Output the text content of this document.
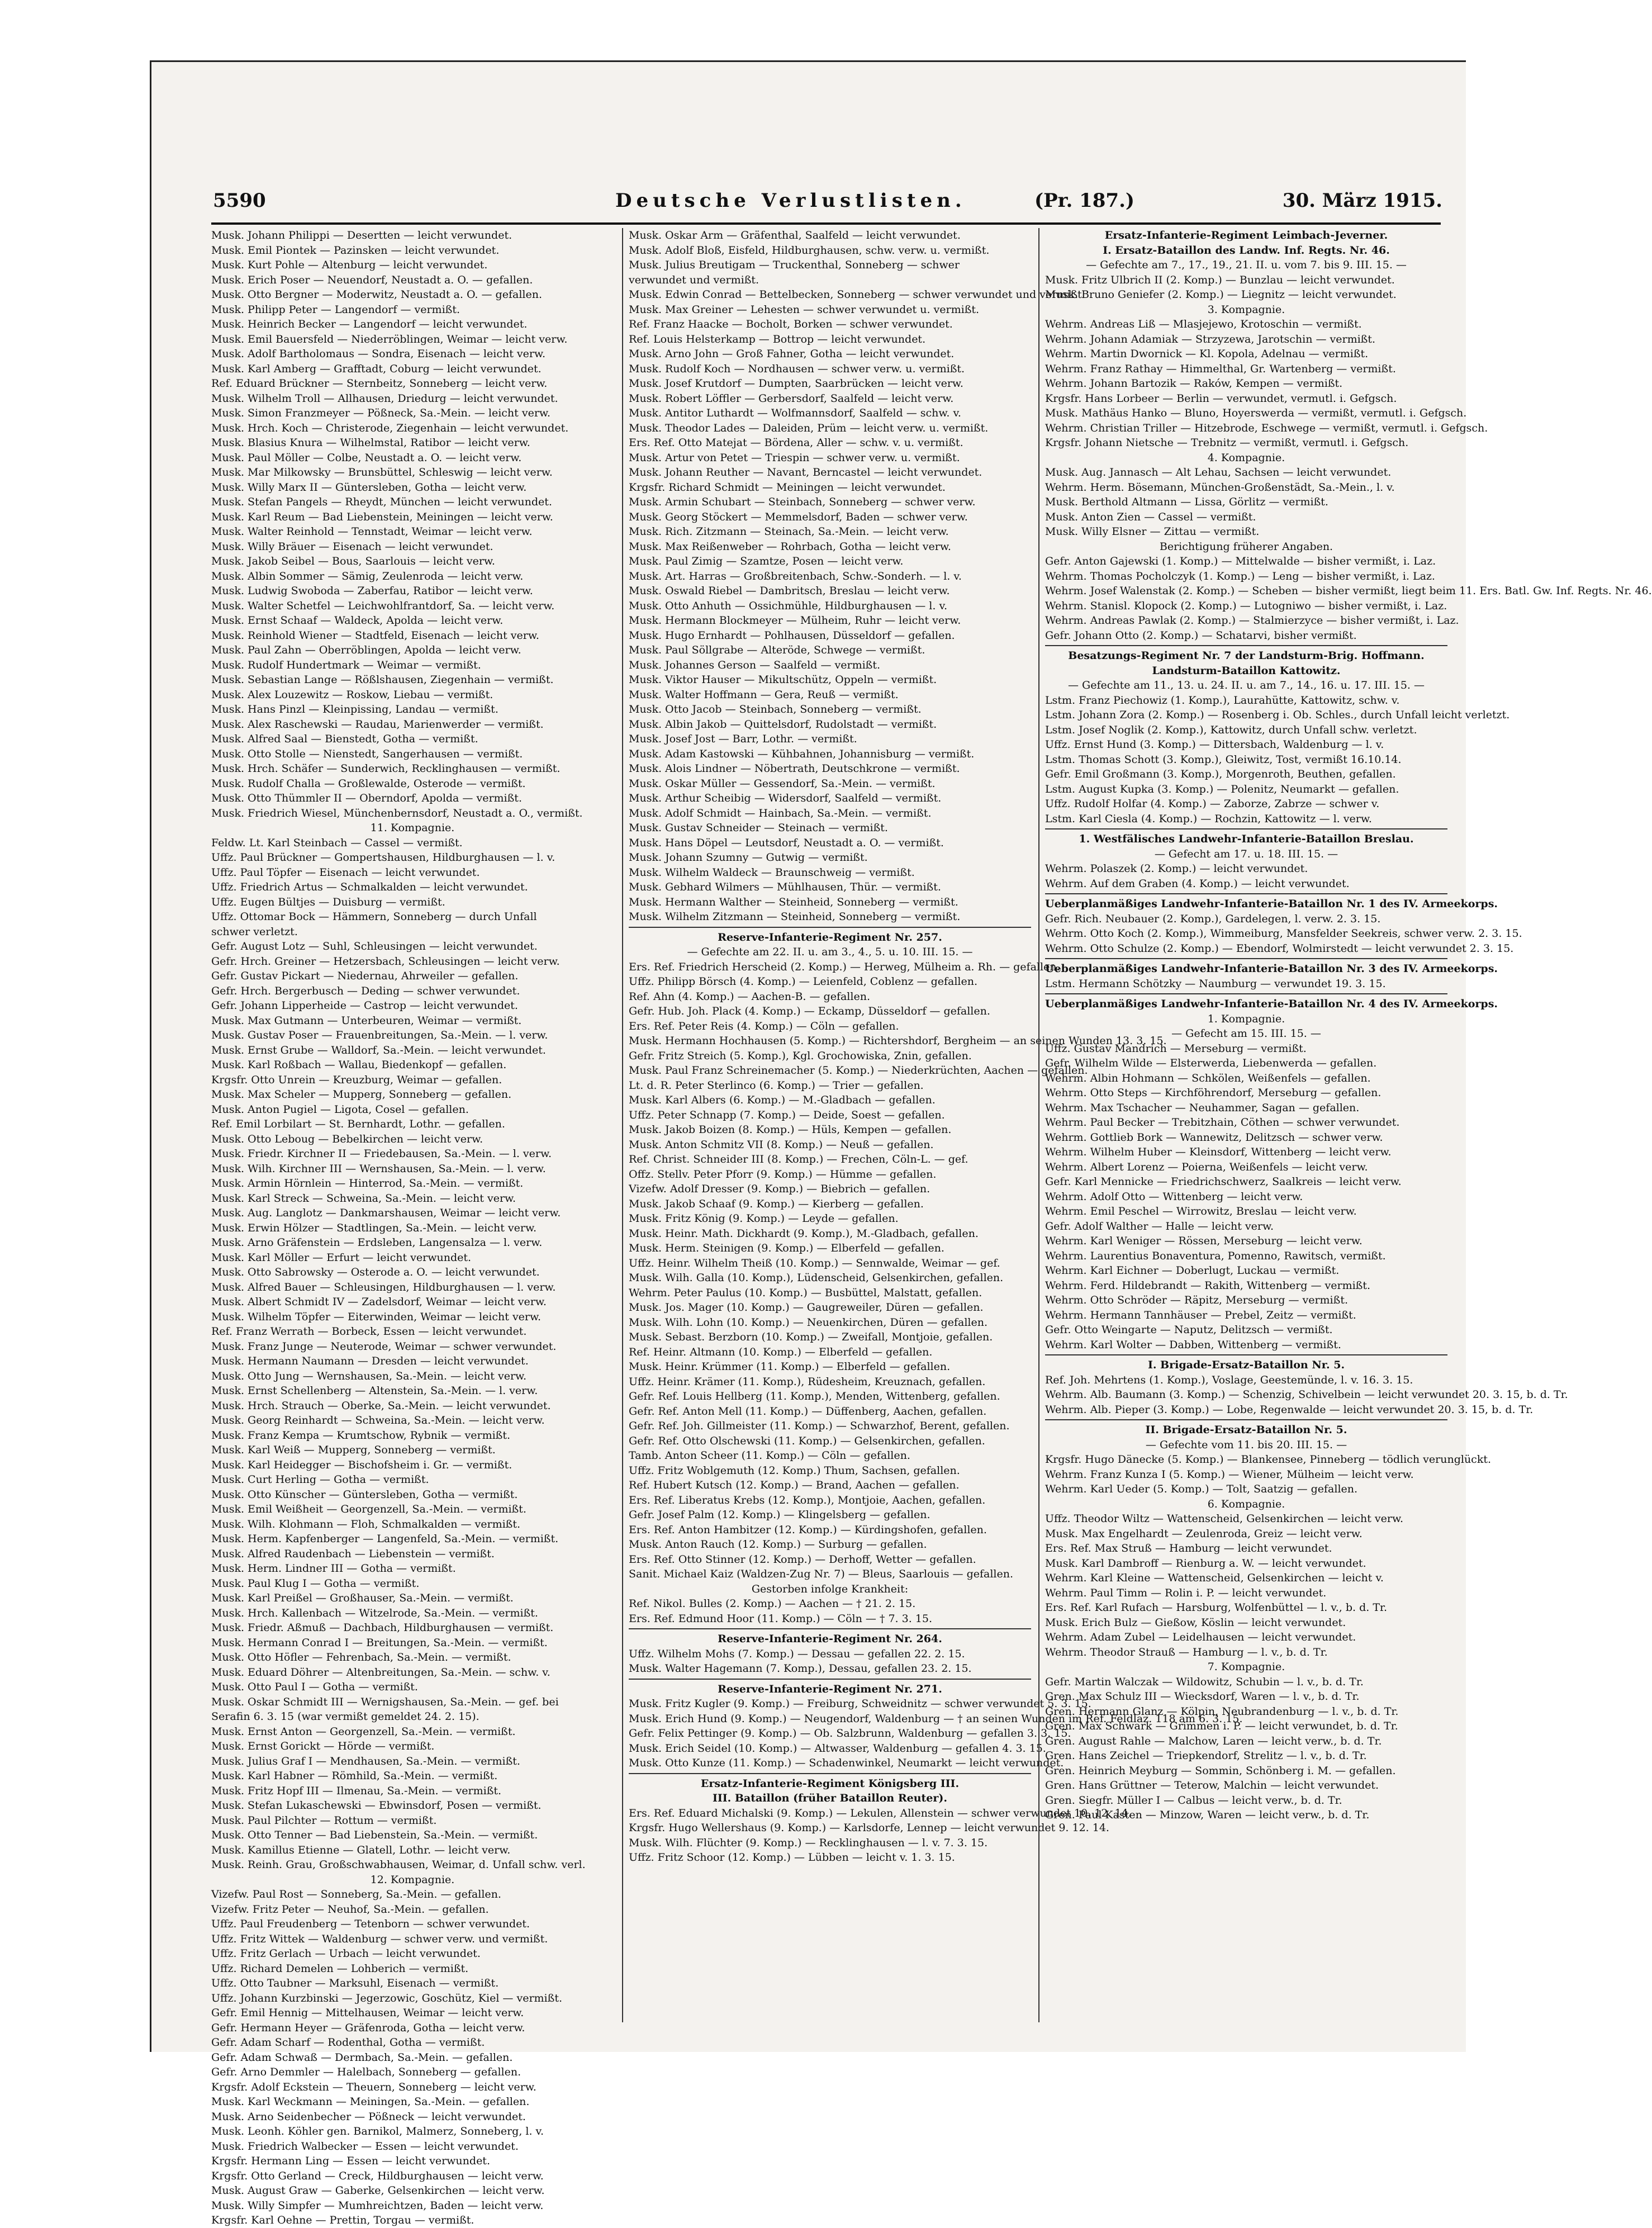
5590	Deutsche Verlustlisten.	(Pr. 187.)	30. März 1915.
Musk. Johann Philippi — Desertten — leicht verwundet.
Musk. Emil Piontek — Pazinsken — leicht verwundet.
Musk. Kurt Pohle — Altenburg — leicht verwundet.
Musk. Erich Poser — Neuendorf, Neustadt a. O. — gefallen.
Musk. Otto Bergner — Moderwitz, Neustadt a. O. — gefallen.
Musk. Philipp Peter — Langendorf — vermißt.
Musk. Heinrich Becker — Langendorf — leicht verwundet.
Musk. Emil Bauersfeld — Niederröblingen, Weimar — leicht verw.
Musk. Adolf Bartholomaus — Sondra, Eisenach — leicht verw.
Musk. Karl Amberg — Grafftadt, Coburg — leicht verwundet.
Ref. Eduard Brückner — Sternbeitz, Sonneberg — leicht verw.
Musk. Wilhelm Troll — Allhausen, Driedurg — leicht verwundet.
Musk. Simon Franzmeyer — Pößneck, Sa.-Mein. — leicht verw.
Musk. Hrch. Koch — Christerode, Ziegenhain — leicht verwundet.
Musk. Blasius Knura — Wilhelmstal, Ratibor — leicht verw.
Musk. Paul Möller — Colbe, Neustadt a. O. — leicht verw.
Musk. Mar Milkowsky — Brunsbüttel, Schleswig — leicht verw.
Musk. Willy Marx II — Güntersleben, Gotha — leicht verw.
Musk. Stefan Pangels — Rheydt, München — leicht verwundet.
Musk. Karl Reum — Bad Liebenstein, Meiningen — leicht verw.
Musk. Walter Reinhold — Tennstadt, Weimar — leicht verw.
Musk. Willy Bräuer — Eisenach — leicht verwundet.
Musk. Jakob Seibel — Bous, Saarlouis — leicht verw.
Musk. Albin Sommer — Sämig, Zeulenroda — leicht verw.
Musk. Ludwig Swoboda — Zaberfau, Ratibor — leicht verw.
Musk. Walter Schetfel — Leichwohlfrantdorf, Sa. — leicht verw.
Musk. Ernst Schaaf — Waldeck, Apolda — leicht verw.
Musk. Reinhold Wiener — Stadtfeld, Eisenach — leicht verw.
Musk. Paul Zahn — Oberröblingen, Apolda — leicht verw.
Musk. Rudolf Hundertmark — Weimar — vermißt.
Musk. Sebastian Lange — Rößlshausen, Ziegenhain — vermißt.
Musk. Alex Louzewitz — Roskow, Liebau — vermißt.
Musk. Hans Pinzl — Kleinpissing, Landau — vermißt.
Musk. Alex Raschewski — Raudau, Marienwerder — vermißt.
Musk. Alfred Saal — Bienstedt, Gotha — vermißt.
Musk. Otto Stolle — Nienstedt, Sangerhausen — vermißt.
Musk. Hrch. Schäfer — Sunderwich, Recklinghausen — vermißt.
Musk. Rudolf Challa — Großlewalde, Osterode — vermißt.
Musk. Otto Thümmler II — Oberndorf, Apolda — vermißt.
Musk. Friedrich Wiesel, Münchenbernsdorf, Neustadt a. O., vermißt.
11. Kompagnie.
Feldw. Lt. Karl Steinbach — Cassel — vermißt.
Uffz. Paul Brückner — Gompertshausen, Hildburghausen — l. v.
Uffz. Paul Töpfer — Eisenach — leicht verwundet.
Uffz. Friedrich Artus — Schmalkalden — leicht verwundet.
Uffz. Eugen Bültjes — Duisburg — vermißt.
Uffz. Ottomar Bock — Hämmern, Sonneberg — durch Unfall
schwer verletzt.
Gefr. August Lotz — Suhl, Schleusingen — leicht verwundet.
Gefr. Hrch. Greiner — Hetzersbach, Schleusingen — leicht verw.
Gefr. Gustav Pickart — Niedernau, Ahrweiler — gefallen.
Gefr. Hrch. Bergerbusch — Deding — schwer verwundet.
Gefr. Johann Lipperheide — Castrop — leicht verwundet.
Musk. Max Gutmann — Unterbeuren, Weimar — vermißt.
Musk. Gustav Poser — Frauenbreitungen, Sa.-Mein. — l. verw.
Musk. Ernst Grube — Walldorf, Sa.-Mein. — leicht verwundet.
Musk. Karl Roßbach — Wallau, Biedenkopf — gefallen.
Krgsfr. Otto Unrein — Kreuzburg, Weimar — gefallen.
Musk. Max Scheler — Mupperg, Sonneberg — gefallen.
Musk. Anton Pugiel — Ligota, Cosel — gefallen.
Ref. Emil Lorbilart — St. Bernhardt, Lothr. — gefallen.
Musk. Otto Leboug — Bebelkirchen — leicht verw.
Musk. Friedr. Kirchner II — Friedebausen, Sa.-Mein. — l. verw.
Musk. Wilh. Kirchner III — Wernshausen, Sa.-Mein. — l. verw.
Musk. Armin Hörnlein — Hinterrod, Sa.-Mein. — vermißt.
Musk. Karl Streck — Schweina, Sa.-Mein. — leicht verw.
Musk. Aug. Langlotz — Dankmarshausen, Weimar — leicht verw.
Musk. Erwin Hölzer — Stadtlingen, Sa.-Mein. — leicht verw.
Musk. Arno Gräfenstein — Erdsleben, Langensalza — l. verw.
Musk. Karl Möller — Erfurt — leicht verwundet.
Musk. Otto Sabrowsky — Osterode a. O. — leicht verwundet.
Musk. Alfred Bauer — Schleusingen, Hildburghausen — l. verw.
Musk. Albert Schmidt IV — Zadelsdorf, Weimar — leicht verw.
Musk. Wilhelm Töpfer — Eiterwinden, Weimar — leicht verw.
Ref. Franz Werrath — Borbeck, Essen — leicht verwundet.
Musk. Franz Junge — Neuterode, Weimar — schwer verwundet.
Musk. Hermann Naumann — Dresden — leicht verwundet.
Musk. Otto Jung — Wernshausen, Sa.-Mein. — leicht verw.
Musk. Ernst Schellenberg — Altenstein, Sa.-Mein. — l. verw.
Musk. Hrch. Strauch — Oberke, Sa.-Mein. — leicht verwundet.
Musk. Georg Reinhardt — Schweina, Sa.-Mein. — leicht verw.
Musk. Franz Kempa — Krumtschow, Rybnik — vermißt.
Musk. Karl Weiß — Mupperg, Sonneberg — vermißt.
Musk. Karl Heidegger — Bischofsheim i. Gr. — vermißt.
Musk. Curt Herling — Gotha — vermißt.
Musk. Otto Künscher — Güntersleben, Gotha — vermißt.
Musk. Emil Weißheit — Georgenzell, Sa.-Mein. — vermißt.
Musk. Wilh. Klohmann — Floh, Schmalkalden — vermißt.
Musk. Herm. Kapfenberger — Langenfeld, Sa.-Mein. — vermißt.
Musk. Alfred Raudenbach — Liebenstein — vermißt.
Musk. Herm. Lindner III — Gotha — vermißt.
Musk. Paul Klug I — Gotha — vermißt.
Musk. Karl Preißel — Großhauser, Sa.-Mein. — vermißt.
Musk. Hrch. Kallenbach — Witzelrode, Sa.-Mein. — vermißt.
Musk. Friedr. Aßmuß — Dachbach, Hildburghausen — vermißt.
Musk. Hermann Conrad I — Breitungen, Sa.-Mein. — vermißt.
Musk. Otto Höfler — Fehrenbach, Sa.-Mein. — vermißt.
Musk. Eduard Döhrer — Altenbreitungen, Sa.-Mein. — schw. v.
Musk. Otto Paul I — Gotha — vermißt.
Musk. Oskar Schmidt III — Wernigshausen, Sa.-Mein. — gef. bei
Serafin 6. 3. 15 (war vermißt gemeldet 24. 2. 15).
Musk. Ernst Anton — Georgenzell, Sa.-Mein. — vermißt.
Musk. Ernst Gorickt — Hörde — vermißt.
Musk. Julius Graf I — Mendhausen, Sa.-Mein. — vermißt.
Musk. Karl Habner — Römhild, Sa.-Mein. — vermißt.
Musk. Fritz Hopf III — Ilmenau, Sa.-Mein. — vermißt.
Musk. Stefan Lukaschewski — Ebwinsdorf, Posen — vermißt.
Musk. Paul Pilchter — Rottum — vermißt.
Musk. Otto Tenner — Bad Liebenstein, Sa.-Mein. — vermißt.
Musk. Kamillus Etienne — Glatell, Lothr. — leicht verw.
Musk. Reinh. Grau, Großschwabhausen, Weimar, d. Unfall schw. verl.
12. Kompagnie.
Vizefw. Paul Rost — Sonneberg, Sa.-Mein. — gefallen.
Vizefw. Fritz Peter — Neuhof, Sa.-Mein. — gefallen.
Uffz. Paul Freudenberg — Tetenborn — schwer verwundet.
Uffz. Fritz Wittek — Waldenburg — schwer verw. und vermißt.
Uffz. Fritz Gerlach — Urbach — leicht verwundet.
Uffz. Richard Demelen — Lohberich — vermißt.
Uffz. Otto Taubner — Marksuhl, Eisenach — vermißt.
Uffz. Johann Kurzbinski — Jegerzowic, Goschütz, Kiel — vermißt.
Gefr. Emil Hennig — Mittelhausen, Weimar — leicht verw.
Gefr. Hermann Heyer — Gräfenroda, Gotha — leicht verw.
Gefr. Adam Scharf — Rodenthal, Gotha — vermißt.
Gefr. Adam Schwaß — Dermbach, Sa.-Mein. — gefallen.
Gefr. Arno Demmler — Halelbach, Sonneberg — gefallen.
Krgsfr. Adolf Eckstein — Theuern, Sonneberg — leicht verw.
Musk. Karl Weckmann — Meiningen, Sa.-Mein. — gefallen.
Musk. Arno Seidenbecher — Pößneck — leicht verwundet.
Musk. Leonh. Köhler gen. Barnikol, Malmerz, Sonneberg, l. v.
Musk. Friedrich Walbecker — Essen — leicht verwundet.
Krgsfr. Hermann Ling — Essen — leicht verwundet.
Krgsfr. Otto Gerland — Creck, Hildburghausen — leicht verw.
Musk. August Graw — Gaberke, Gelsenkirchen — leicht verw.
Musk. Willy Simpfer — Mumhreichtzen, Baden — leicht verw.
Krgsfr. Karl Oehne — Prettin, Torgau — vermißt.
Musk. Oskar Arm — Gräfenthal, Saalfeld — leicht verwundet.
Musk. Adolf Bloß, Eisfeld, Hildburghausen, schw. verw. u. vermißt.
Musk. Julius Breutigam — Truckenthal, Sonneberg — schwer
verwundet und vermißt.
Musk. Edwin Conrad — Bettelbecken, Sonneberg — schwer verwundet und vermißt.
Musk. Max Greiner — Lehesten — schwer verwundet u. vermißt.
Ref. Franz Haacke — Bocholt, Borken — schwer verwundet.
Ref. Louis Helsterkamp — Bottrop — leicht verwundet.
Musk. Arno John — Groß Fahner, Gotha — leicht verwundet.
Musk. Rudolf Koch — Nordhausen — schwer verw. u. vermißt.
Musk. Josef Krutdorf — Dumpten, Saarbrücken — leicht verw.
Musk. Robert Löffler — Gerbersdorf, Saalfeld — leicht verw.
Musk. Antitor Luthardt — Wolfmannsdorf, Saalfeld — schw. v.
Musk. Theodor Lades — Daleiden, Prüm — leicht verw. u. vermißt.
Ers. Ref. Otto Matejat — Bördena, Aller — schw. v. u. vermißt.
Musk. Artur von Petet — Triespin — schwer verw. u. vermißt.
Musk. Johann Reuther — Navant, Berncastel — leicht verwundet.
Krgsfr. Richard Schmidt — Meiningen — leicht verwundet.
Musk. Armin Schubart — Steinbach, Sonneberg — schwer verw.
Musk. Georg Stöckert — Memmelsdorf, Baden — schwer verw.
Musk. Rich. Zitzmann — Steinach, Sa.-Mein. — leicht verw.
Musk. Max Reißenweber — Rohrbach, Gotha — leicht verw.
Musk. Paul Zimig — Szamtze, Posen — leicht verw.
Musk. Art. Harras — Großbreitenbach, Schw.-Sonderh. — l. v.
Musk. Oswald Riebel — Dambritsch, Breslau — leicht verw.
Musk. Otto Anhuth — Ossichmühle, Hildburghausen — l. v.
Musk. Hermann Blockmeyer — Mülheim, Ruhr — leicht verw.
Musk. Hugo Ernhardt — Pohlhausen, Düsseldorf — gefallen.
Musk. Paul Söllgrabe — Alteröde, Schwege — vermißt.
Musk. Johannes Gerson — Saalfeld — vermißt.
Musk. Viktor Hauser — Mikultschütz, Oppeln — vermißt.
Musk. Walter Hoffmann — Gera, Reuß — vermißt.
Musk. Otto Jacob — Steinbach, Sonneberg — vermißt.
Musk. Albin Jakob — Quittelsdorf, Rudolstadt — vermißt.
Musk. Josef Jost — Barr, Lothr. — vermißt.
Musk. Adam Kastowski — Kühbahnen, Johannisburg — vermißt.
Musk. Alois Lindner — Nöbertrath, Deutschkrone — vermißt.
Musk. Oskar Müller — Gessendorf, Sa.-Mein. — vermißt.
Musk. Arthur Scheibig — Widersdorf, Saalfeld — vermißt.
Musk. Adolf Schmidt — Hainbach, Sa.-Mein. — vermißt.
Musk. Gustav Schneider — Steinach — vermißt.
Musk. Hans Döpel — Leutsdorf, Neustadt a. O. — vermißt.
Musk. Johann Szumny — Gutwig — vermißt.
Musk. Wilhelm Waldeck — Braunschweig — vermißt.
Musk. Gebhard Wilmers — Mühlhausen, Thür. — vermißt.
Musk. Hermann Walther — Steinheid, Sonneberg — vermißt.
Musk. Wilhelm Zitzmann — Steinheid, Sonneberg — vermißt.
Reserve-Infanterie-Regiment Nr. 257.
— Gefechte am 22. II. u. am 3., 4., 5. u. 10. III. 15. —
Ers. Ref. Friedrich Herscheid (2. Komp.) — Herweg, Mülheim a. Rh. — gefallen.
Uffz. Philipp Börsch (4. Komp.) — Leienfeld, Coblenz — gefallen.
Ref. Ahn (4. Komp.) — Aachen-B. — gefallen.
Gefr. Hub. Joh. Plack (4. Komp.) — Eckamp, Düsseldorf — gefallen.
Ers. Ref. Peter Reis (4. Komp.) — Cöln — gefallen.
Musk. Hermann Hochhausen (5. Komp.) — Richtershdorf, Bergheim — an seinen Wunden 13. 3. 15.
Gefr. Fritz Streich (5. Komp.), Kgl. Grochowiska, Znin, gefallen.
Musk. Paul Franz Schreinemacher (5. Komp.) — Niederkrüchten, Aachen — gefallen.
Lt. d. R. Peter Sterlinco (6. Komp.) — Trier — gefallen.
Musk. Karl Albers (6. Komp.) — M.-Gladbach — gefallen.
Uffz. Peter Schnapp (7. Komp.) — Deide, Soest — gefallen.
Musk. Jakob Boizen (8. Komp.) — Hüls, Kempen — gefallen.
Musk. Anton Schmitz VII (8. Komp.) — Neuß — gefallen.
Ref. Christ. Schneider III (8. Komp.) — Frechen, Cöln-L. — gef.
Offz. Stellv. Peter Pforr (9. Komp.) — Hümme — gefallen.
Vizefw. Adolf Dresser (9. Komp.) — Biebrich — gefallen.
Musk. Jakob Schaaf (9. Komp.) — Kierberg — gefallen.
Musk. Fritz König (9. Komp.) — Leyde — gefallen.
Musk. Heinr. Math. Dickhardt (9. Komp.), M.-Gladbach, gefallen.
Musk. Herm. Steinigen (9. Komp.) — Elberfeld — gefallen.
Uffz. Heinr. Wilhelm Theiß (10. Komp.) — Sennwalde, Weimar — gef.
Musk. Wilh. Galla (10. Komp.), Lüdenscheid, Gelsenkirchen, gefallen.
Wehrm. Peter Paulus (10. Komp.) — Busbüttel, Malstatt, gefallen.
Musk. Jos. Mager (10. Komp.) — Gaugreweiler, Düren — gefallen.
Musk. Wilh. Lohn (10. Komp.) — Neuenkirchen, Düren — gefallen.
Musk. Sebast. Berzborn (10. Komp.) — Zweifall, Montjoie, gefallen.
Ref. Heinr. Altmann (10. Komp.) — Elberfeld — gefallen.
Musk. Heinr. Krümmer (11. Komp.) — Elberfeld — gefallen.
Uffz. Heinr. Krämer (11. Komp.), Rüdesheim, Kreuznach, gefallen.
Gefr. Ref. Louis Hellberg (11. Komp.), Menden, Wittenberg, gefallen.
Gefr. Ref. Anton Mell (11. Komp.) — Düffenberg, Aachen, gefallen.
Gefr. Ref. Joh. Gillmeister (11. Komp.) — Schwarzhof, Berent, gefallen.
Gefr. Ref. Otto Olschewski (11. Komp.) — Gelsenkirchen, gefallen.
Tamb. Anton Scheer (11. Komp.) — Cöln — gefallen.
Uffz. Fritz Woblgemuth (12. Komp.) Thum, Sachsen, gefallen.
Ref. Hubert Kutsch (12. Komp.) — Brand, Aachen — gefallen.
Ers. Ref. Liberatus Krebs (12. Komp.), Montjoie, Aachen, gefallen.
Gefr. Josef Palm (12. Komp.) — Klingelsberg — gefallen.
Ers. Ref. Anton Hambitzer (12. Komp.) — Kürdingshofen, gefallen.
Musk. Anton Rauch (12. Komp.) — Surburg — gefallen.
Ers. Ref. Otto Stinner (12. Komp.) — Derhoff, Wetter — gefallen.
Sanit. Michael Kaiz (Waldzen-Zug Nr. 7) — Bleus, Saarlouis — gefallen.
Gestorben infolge Krankheit:
Ref. Nikol. Bulles (2. Komp.) — Aachen — † 21. 2. 15.
Ers. Ref. Edmund Hoor (11. Komp.) — Cöln — † 7. 3. 15.
Reserve-Infanterie-Regiment Nr. 264.
Uffz. Wilhelm Mohs (7. Komp.) — Dessau — gefallen 22. 2. 15.
Musk. Walter Hagemann (7. Komp.), Dessau, gefallen 23. 2. 15.
Reserve-Infanterie-Regiment Nr. 271.
Musk. Fritz Kugler (9. Komp.) — Freiburg, Schweidnitz — schwer verwundet 5. 3. 15.
Musk. Erich Hund (9. Komp.) — Neugendorf, Waldenburg — † an seinen Wunden im Ref. Feldlaz. 118 am 6. 3. 15.
Gefr. Felix Pettinger (9. Komp.) — Ob. Salzbrunn, Waldenburg — gefallen 3. 3. 15.
Musk. Erich Seidel (10. Komp.) — Altwasser, Waldenburg — gefallen 4. 3. 15.
Musk. Otto Kunze (11. Komp.) — Schadenwinkel, Neumarkt — leicht verwundet.
Ersatz-Infanterie-Regiment Königsberg III.
III. Bataillon (früher Bataillon Reuter).
Ers. Ref. Eduard Michalski (9. Komp.) — Lekulen, Allenstein — schwer verwundet 10. 12. 14.
Krgsfr. Hugo Wellershaus (9. Komp.) — Karlsdorfe, Lennep — leicht verwundet 9. 12. 14.
Musk. Wilh. Flüchter (9. Komp.) — Recklinghausen — l. v. 7. 3. 15.
Uffz. Fritz Schoor (12. Komp.) — Lübben — leicht v. 1. 3. 15.
Ersatz-Infanterie-Regiment Leimbach-Jeverner.
I. Ersatz-Bataillon des Landw. Inf. Regts. Nr. 46.
— Gefechte am 7., 17., 19., 21. II. u. vom 7. bis 9. III. 15. —
Musk. Fritz Ulbrich II (2. Komp.) — Bunzlau — leicht verwundet.
Musk. Bruno Geniefer (2. Komp.) — Liegnitz — leicht verwundet.
3. Kompagnie.
Wehrm. Andreas Liß — Mlasjejewo, Krotoschin — vermißt.
Wehrm. Johann Adamiak — Strzyzewa, Jarotschin — vermißt.
Wehrm. Martin Dwornick — Kl. Kopola, Adelnau — vermißt.
Wehrm. Franz Rathay — Himmelthal, Gr. Wartenberg — vermißt.
Wehrm. Johann Bartozik — Raków, Kempen — vermißt.
Krgsfr. Hans Lorbeer — Berlin — verwundet, vermutl. i. Gefgsch.
Musk. Mathäus Hanko — Bluno, Hoyerswerda — vermißt, vermutl. i. Gefgsch.
Wehrm. Christian Triller — Hitzebrode, Eschwege — vermißt, vermutl. i. Gefgsch.
Krgsfr. Johann Nietsche — Trebnitz — vermißt, vermutl. i. Gefgsch.
4. Kompagnie.
Musk. Aug. Jannasch — Alt Lehau, Sachsen — leicht verwundet.
Wehrm. Herm. Bösemann, München-Großenstädt, Sa.-Mein., l. v.
Musk. Berthold Altmann — Lissa, Görlitz — vermißt.
Musk. Anton Zien — Cassel — vermißt.
Musk. Willy Elsner — Zittau — vermißt.
Berichtigung früherer Angaben.
Gefr. Anton Gajewski (1. Komp.) — Mittelwalde — bisher vermißt, i. Laz.
Wehrm. Thomas Pocholczyk (1. Komp.) — Leng — bisher vermißt, i. Laz.
Wehrm. Josef Walenstak (2. Komp.) — Scheben — bisher vermißt, liegt beim 11. Ers. Batl. Gw. Inf. Regts. Nr. 46.
Wehrm. Stanisl. Klopock (2. Komp.) — Lutogniwo — bisher vermißt, i. Laz.
Wehrm. Andreas Pawlak (2. Komp.) — Stalmierzyce — bisher vermißt, i. Laz.
Gefr. Johann Otto (2. Komp.) — Schatarvi, bisher vermißt.
Besatzungs-Regiment Nr. 7 der Landsturm-Brig. Hoffmann.
Landsturm-Bataillon Kattowitz.
— Gefechte am 11., 13. u. 24. II. u. am 7., 14., 16. u. 17. III. 15. —
Lstm. Franz Piechowiz (1. Komp.), Laurahütte, Kattowitz, schw. v.
Lstm. Johann Zora (2. Komp.) — Rosenberg i. Ob. Schles., durch Unfall leicht verletzt.
Lstm. Josef Noglik (2. Komp.), Kattowitz, durch Unfall schw. verletzt.
Uffz. Ernst Hund (3. Komp.) — Dittersbach, Waldenburg — l. v.
Lstm. Thomas Schott (3. Komp.), Gleiwitz, Tost, vermißt 16.10.14.
Gefr. Emil Großmann (3. Komp.), Morgenroth, Beuthen, gefallen.
Lstm. August Kupka (3. Komp.) — Polenitz, Neumarkt — gefallen.
Uffz. Rudolf Holfar (4. Komp.) — Zaborze, Zabrze — schwer v.
Lstm. Karl Ciesla (4. Komp.) — Rochzin, Kattowitz — l. verw.
1. Westfälisches Landwehr-Infanterie-Bataillon Breslau.
— Gefecht am 17. u. 18. III. 15. —
Wehrm. Polaszek (2. Komp.) — leicht verwundet.
Wehrm. Auf dem Graben (4. Komp.) — leicht verwundet.
Ueberplanmäßiges Landwehr-Infanterie-Bataillon Nr. 1 des IV. Armeekorps.
Gefr. Rich. Neubauer (2. Komp.), Gardelegen, l. verw. 2. 3. 15.
Wehrm. Otto Koch (2. Komp.), Wimmeiburg, Mansfelder Seekreis, schwer verw. 2. 3. 15.
Wehrm. Otto Schulze (2. Komp.) — Ebendorf, Wolmirstedt — leicht verwundet 2. 3. 15.
Ueberplanmäßiges Landwehr-Infanterie-Bataillon Nr. 3 des IV. Armeekorps.
Lstm. Hermann Schötzky — Naumburg — verwundet 19. 3. 15.
Ueberplanmäßiges Landwehr-Infanterie-Bataillon Nr. 4 des IV. Armeekorps.
1. Kompagnie.
— Gefecht am 15. III. 15. —
Uffz. Gustav Mandrich — Merseburg — vermißt.
Gefr. Wilhelm Wilde — Elsterwerda, Liebenwerda — gefallen.
Wehrm. Albin Hohmann — Schkölen, Weißenfels — gefallen.
Wehrm. Otto Steps — Kirchföhrendorf, Merseburg — gefallen.
Wehrm. Max Tschacher — Neuhammer, Sagan — gefallen.
Wehrm. Paul Becker — Trebitzhain, Cöthen — schwer verwundet.
Wehrm. Gottlieb Bork — Wannewitz, Delitzsch — schwer verw.
Wehrm. Wilhelm Huber — Kleinsdorf, Wittenberg — leicht verw.
Wehrm. Albert Lorenz — Poierna, Weißenfels — leicht verw.
Gefr. Karl Mennicke — Friedrichschwerz, Saalkreis — leicht verw.
Wehrm. Adolf Otto — Wittenberg — leicht verw.
Wehrm. Emil Peschel — Wirrowitz, Breslau — leicht verw.
Gefr. Adolf Walther — Halle — leicht verw.
Wehrm. Karl Weniger — Rössen, Merseburg — leicht verw.
Wehrm. Laurentius Bonaventura, Pomenno, Rawitsch, vermißt.
Wehrm. Karl Eichner — Doberlugt, Luckau — vermißt.
Wehrm. Ferd. Hildebrandt — Rakith, Wittenberg — vermißt.
Wehrm. Otto Schröder — Räpitz, Merseburg — vermißt.
Wehrm. Hermann Tannhäuser — Prebel, Zeitz — vermißt.
Gefr. Otto Weingarte — Naputz, Delitzsch — vermißt.
Wehrm. Karl Wolter — Dabben, Wittenberg — vermißt.
I. Brigade-Ersatz-Bataillon Nr. 5.
Ref. Joh. Mehrtens (1. Komp.), Voslage, Geestemünde, l. v. 16. 3. 15.
Wehrm. Alb. Baumann (3. Komp.) — Schenzig, Schivelbein — leicht verwundet 20. 3. 15, b. d. Tr.
Wehrm. Alb. Pieper (3. Komp.) — Lobe, Regenwalde — leicht verwundet 20. 3. 15, b. d. Tr.
II. Brigade-Ersatz-Bataillon Nr. 5.
— Gefechte vom 11. bis 20. III. 15. —
Krgsfr. Hugo Dänecke (5. Komp.) — Blankensee, Pinneberg — tödlich verunglückt.
Wehrm. Franz Kunza I (5. Komp.) — Wiener, Mülheim — leicht verw.
Wehrm. Karl Ueder (5. Komp.) — Tolt, Saatzig — gefallen.
6. Kompagnie.
Uffz. Theodor Wiltz — Wattenscheid, Gelsenkirchen — leicht verw.
Musk. Max Engelhardt — Zeulenroda, Greiz — leicht verw.
Ers. Ref. Max Struß — Hamburg — leicht verwundet.
Musk. Karl Dambroff — Rienburg a. W. — leicht verwundet.
Wehrm. Karl Kleine — Wattenscheid, Gelsenkirchen — leicht v.
Wehrm. Paul Timm — Rolin i. P. — leicht verwundet.
Ers. Ref. Karl Rufach — Harsburg, Wolfenbüttel — l. v., b. d. Tr.
Musk. Erich Bulz — Gießow, Köslin — leicht verwundet.
Wehrm. Adam Zubel — Leidelhausen — leicht verwundet.
Wehrm. Theodor Strauß — Hamburg — l. v., b. d. Tr.
7. Kompagnie.
Gefr. Martin Walczak — Wildowitz, Schubin — l. v., b. d. Tr.
Gren. Max Schulz III — Wiecksdorf, Waren — l. v., b. d. Tr.
Gren. Hermann Glanz — Kölpin, Neubrandenburg — l. v., b. d. Tr.
Gren. Max Schwark — Grimmen i. P. — leicht verwundet, b. d. Tr.
Gren. August Rahle — Malchow, Laren — leicht verw., b. d. Tr.
Gren. Hans Zeichel — Triepkendorf, Strelitz — l. v., b. d. Tr.
Gren. Heinrich Meyburg — Sommin, Schönberg i. M. — gefallen.
Gren. Hans Grüttner — Teterow, Malchin — leicht verwundet.
Gren. Siegfr. Müller I — Calbus — leicht verw., b. d. Tr.
Gren. Paul Kasten — Minzow, Waren — leicht verw., b. d. Tr.
